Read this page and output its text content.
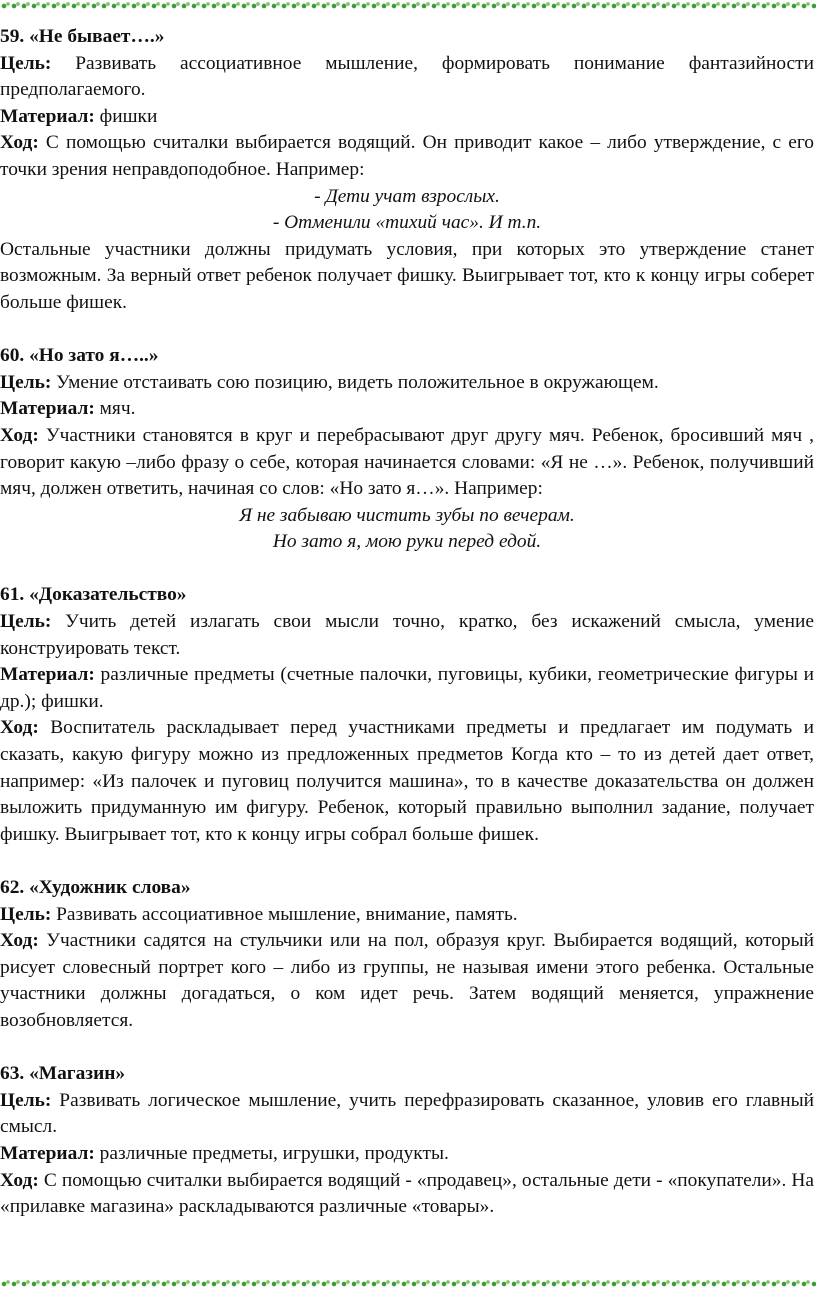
59. «Не бывает….»

Цель: Развивать ассоциативное мышление, формировать понимание фантазийности предполагаемого.

Материал: фишки

Ход: С помощью считалки выбирается водящий. Он приводит какое – либо утверждение, с его точки зрения неправдоподобное. Например:

- Дети учат взрослых.

- Отменили «тихий час». И т.п.

Остальные участники должны придумать условия, при которых это утверждение станет возможным. За верный ответ ребенок получает фишку. Выигрывает тот, кто к концу игры соберет больше фишек.

60. «Но зато я…..»

Цель: Умение отстаивать сою позицию, видеть положительное в окружающем.

Материал: мяч.

Ход: Участники становятся в круг и перебрасывают друг другу мяч. Ребенок, бросивший мяч , говорит какую –либо фразу о себе, которая начинается словами: «Я не …». Ребенок, получивший мяч, должен ответить, начиная со слов: «Но зато я…». Например:

Я не забываю чистить зубы по вечерам.

Но зато я, мою руки перед едой.

61. «Доказательство»

Цель: Учить детей излагать свои мысли точно, кратко, без искажений смысла, умение конструировать текст.

Материал: различные предметы (счетные палочки, пуговицы, кубики, геометрические фигуры и др.); фишки.

Ход: Воспитатель раскладывает перед участниками предметы и предлагает им подумать и сказать, какую фигуру можно из предложенных предметов Когда кто – то из детей дает ответ, например: «Из палочек и пуговиц получится машина», то в качестве доказательства он должен выложить придуманную им фигуру. Ребенок, который правильно выполнил задание, получает фишку. Выигрывает тот, кто к концу игры собрал больше фишек.

62. «Художник слова»

Цель: Развивать ассоциативное мышление, внимание, память.

Ход: Участники садятся на стульчики или на пол, образуя круг. Выбирается водящий, который рисует словесный портрет кого – либо из группы, не называя имени этого ребенка. Остальные участники должны догадаться, о ком идет речь. Затем водящий меняется, упражнение возобновляется.

63. «Магазин»

Цель: Развивать логическое мышление, учить перефразировать сказанное, уловив его главный смысл.

Материал: различные предметы, игрушки, продукты.

Ход: С помощью считалки выбирается водящий - «продавец», остальные дети - «покупатели». На «прилавке магазина» раскладываются различные «товары».
